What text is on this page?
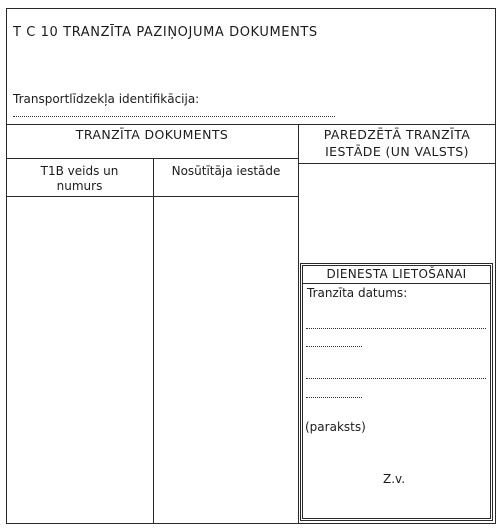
T C 10 TRANZĪTA PAZIŅOJUMA DOKUMENTS
Transportlīdzekļa identifikācija:
TRANZĪTA DOKUMENTS	PAREDZĒTĀ TRANZĪTA
IESTĀDE (UN VALSTS)
T1B veids un
numurs
Nosūtītāja iestāde
DIENESTA LIETOŠANAI
Tranzīta datums:
(paraksts)
Z.v.
